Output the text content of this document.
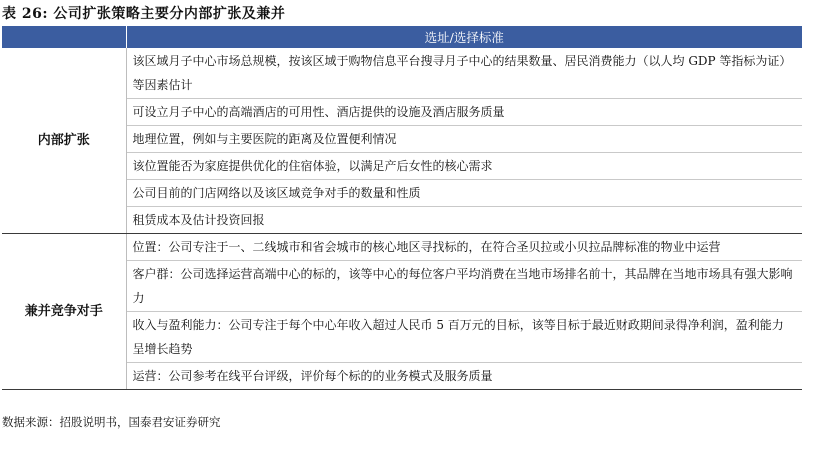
表 26: 公司扩张策略主要分内部扩张及兼并
	选址/选择标准
内部扩张	该区域月子中心市场总规模，按该区域于购物信息平台搜寻月子中心的结果数量、居民消费能力（以人均 GDP 等指标为证）等因素估计
	可设立月子中心的高端酒店的可用性、酒店提供的设施及酒店服务质量
	地理位置，例如与主要医院的距离及位置便利情况
	该位置能否为家庭提供优化的住宿体验，以满足产后女性的核心需求
	公司目前的门店网络以及该区域竞争对手的数量和性质
	租赁成本及估计投资回报
兼并竞争对手	位置：公司专注于一、二线城市和省会城市的核心地区寻找标的，在符合圣贝拉或小贝拉品牌标准的物业中运营
	客户群：公司选择运营高端中心的标的，该等中心的每位客户平均消费在当地市场排名前十，其品牌在当地市场具有强大影响力
	收入与盈利能力：公司专注于每个中心年收入超过人民币 5 百万元的目标，该等目标于最近财政期间录得净利润，盈利能力呈增长趋势
	运营：公司参考在线平台评级，评价每个标的的业务模式及服务质量
数据来源：招股说明书，国泰君安证券研究
